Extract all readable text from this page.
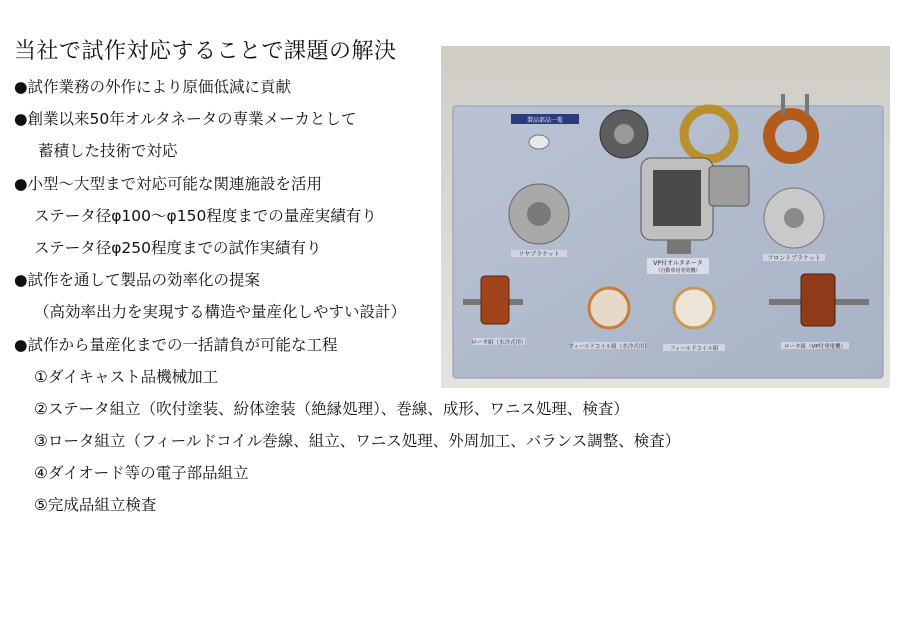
当社で試作対応することで課題の解決
●試作業務の外作により原価低減に貢献
●創業以来50年オルタネータの専業メーカとして
蓄積した技術で対応
●小型～大型まで対応可能な関連施設を活用
ステータ径φ100～φ150程度までの量産実績有り
ステータ径φ250程度までの試作実績有り
●試作を通して製品の効率化の提案
（高効率出力を実現する構造や量産化しやすい設計）
●試作から量産化までの一括請負が可能な工程
①ダイキャスト品機械加工
②ステータ組立（吹付塗装、紛体塗装（絶縁処理）、巻線、成形、ワニス処理、検査）
③ロータ組立（フィールドコイル巻線、組立、ワニス処理、外周加工、バランス調整、検査）
④ダイオード等の電子部品組立
⑤完成品組立検査
製品部品一覧
リヤブラケット
フロントブラケット
VP付オルタネータ
（自動車用発電機）
ロータ組（水冷式用）
フィールドコイル組（水冷式用）	フィールドコイル組	ロータ組（VP付発電機）
